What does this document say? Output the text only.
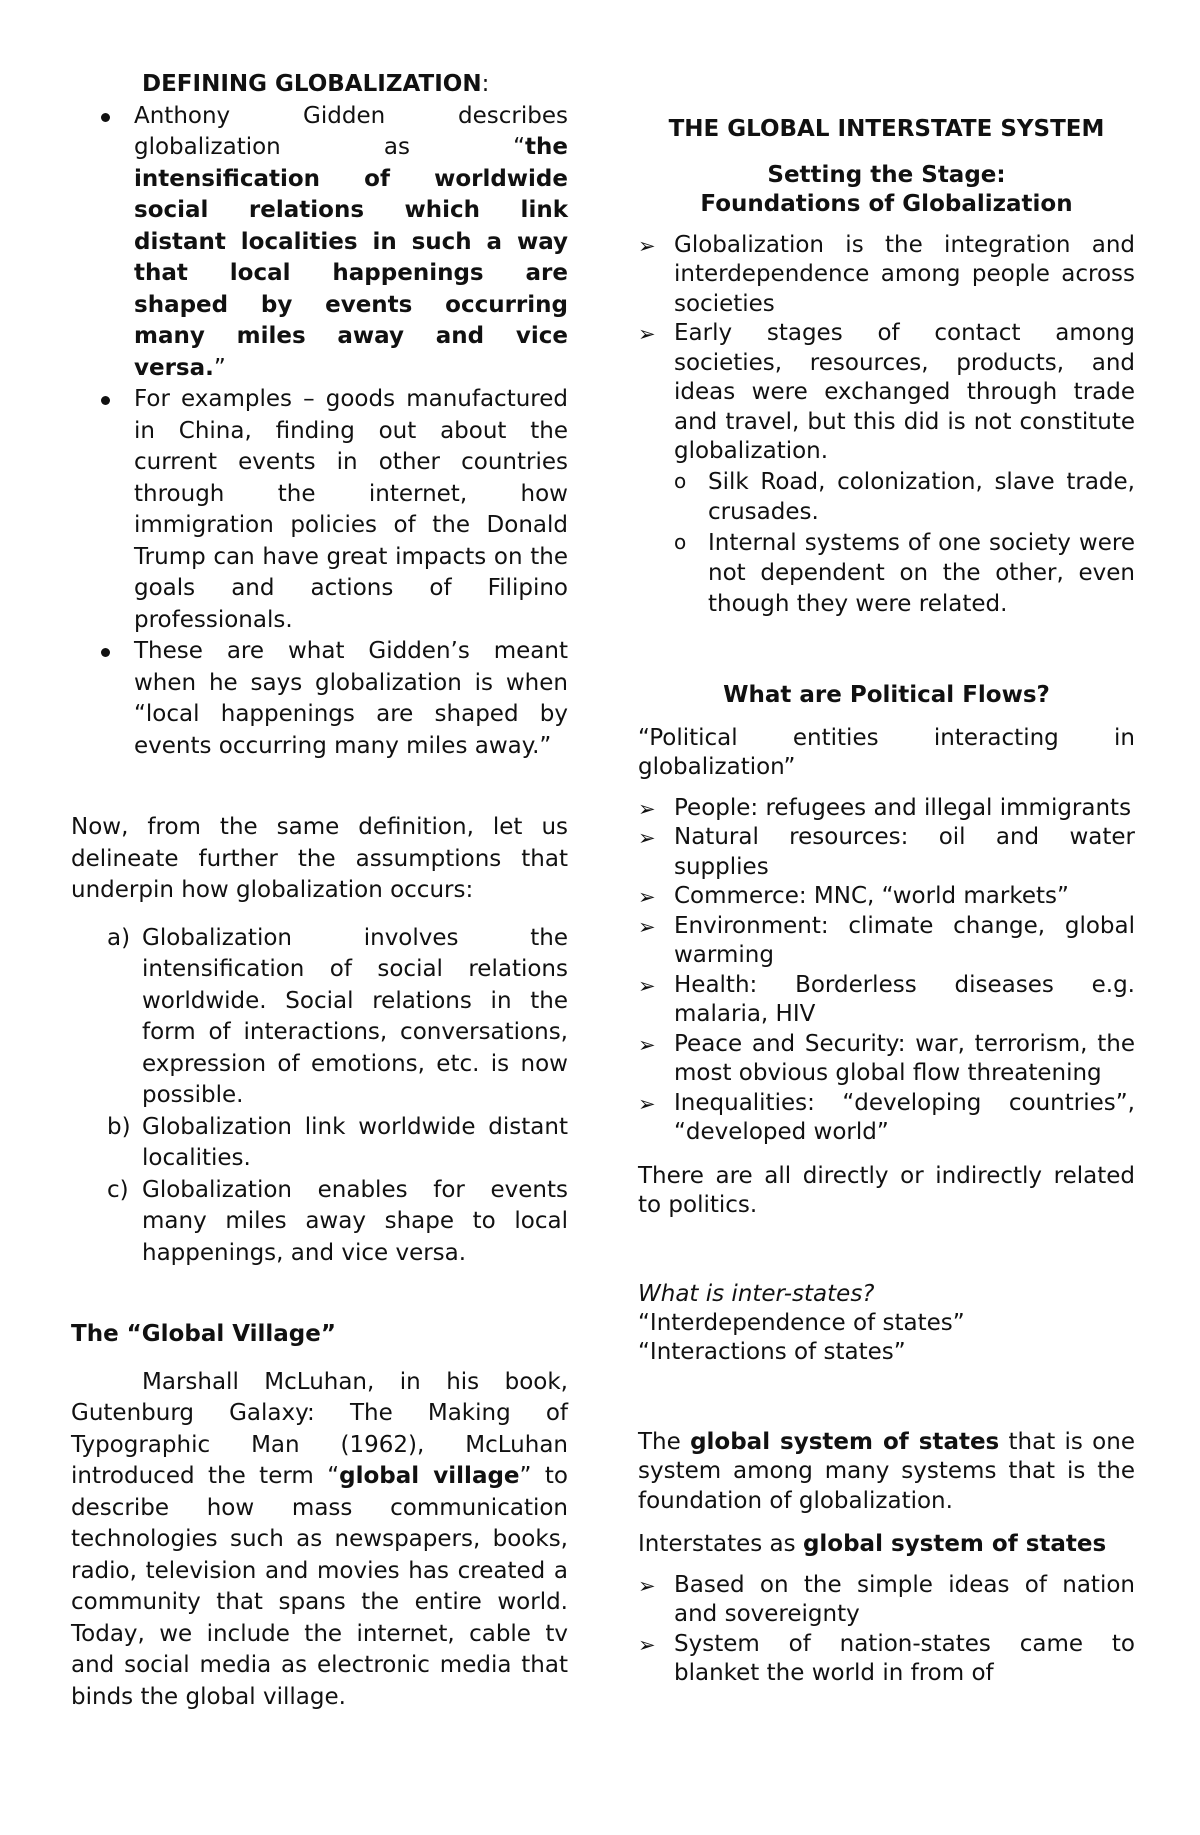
DEFINING GLOBALIZATION:

Anthony Gidden describes globalization as “the intensification of worldwide social relations which link distant localities in such a way that local happenings are shaped by events occurring many miles away and vice versa.”
For examples – goods manufactured in China, finding out about the current events in other countries through the internet, how immigration policies of the Donald Trump can have great impacts on the goals and actions of Filipino professionals.
These are what Gidden’s meant when he says globalization is when “local happenings are shaped by events occurring many miles away.”

Now, from the same definition, let us delineate further the assumptions that underpin how globalization occurs:

a) Globalization involves the intensification of social relations worldwide. Social relations in the form of interactions, conversations, expression of emotions, etc. is now possible.
b) Globalization link worldwide distant localities.
c) Globalization enables for events many miles away shape to local happenings, and vice versa.

The “Global Village”

Marshall McLuhan, in his book, Gutenburg Galaxy: The Making of Typographic Man (1962), McLuhan introduced the term “global village” to describe how mass communication technologies such as newspapers, books, radio, television and movies has created a community that spans the entire world. Today, we include the internet, cable tv and social media as electronic media that binds the global village.

THE GLOBAL INTERSTATE SYSTEM

Setting the Stage:

Foundations of Globalization

➢ Globalization is the integration and interdependence among people across societies
➢ Early stages of contact among societies, resources, products, and ideas were exchanged through trade and travel, but this did is not constitute globalization.
o Silk Road, colonization, slave trade, crusades.
o Internal systems of one society were not dependent on the other, even though they were related.

What are Political Flows?

“Political entities interacting in globalization”

➢ People: refugees and illegal immigrants
➢ Natural resources: oil and water supplies
➢ Commerce: MNC, “world markets”
➢ Environment: climate change, global warming
➢ Health: Borderless diseases e.g. malaria, HIV
➢ Peace and Security: war, terrorism, the most obvious global flow threatening
➢ Inequalities: “developing countries”, “developed world”

There are all directly or indirectly related to politics.

What is inter-states?

“Interdependence of states”

“Interactions of states”

The global system of states that is one system among many systems that is the foundation of globalization.

Interstates as global system of states

➢ Based on the simple ideas of nation and sovereignty
➢ System of nation-states came to blanket the world in from of
